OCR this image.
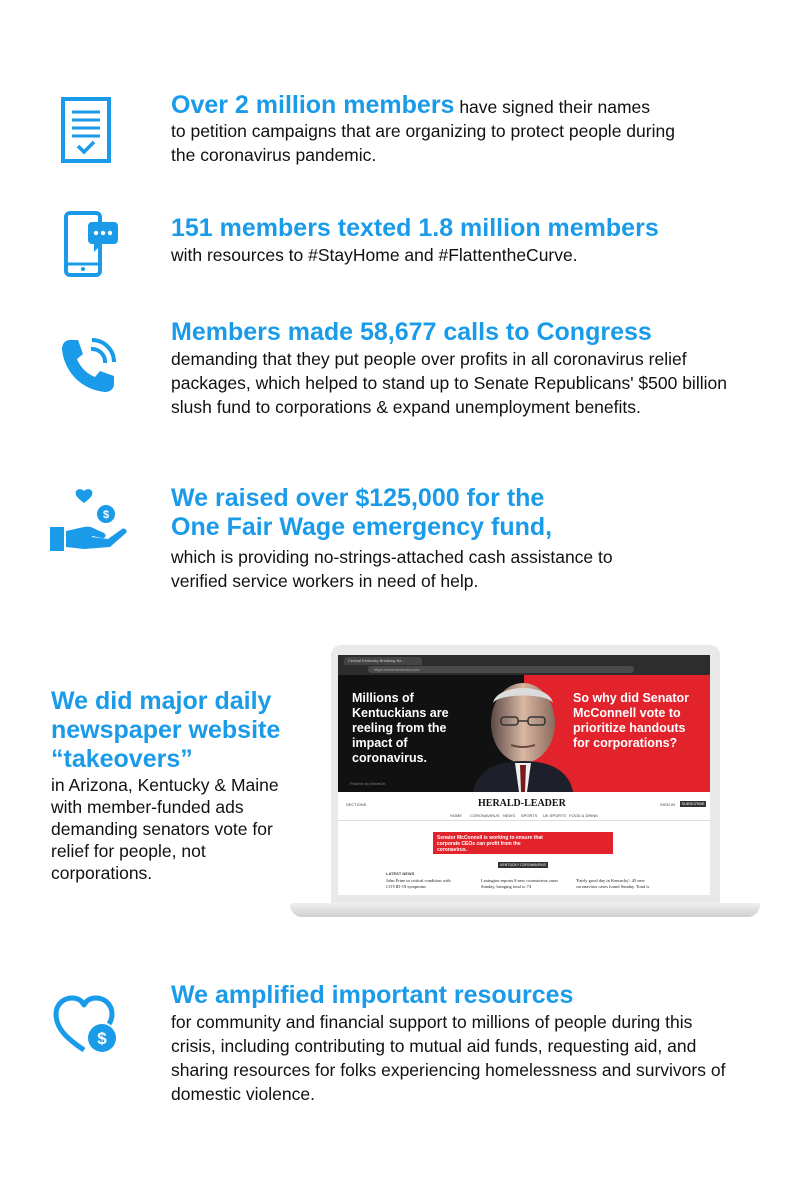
Over 2 million members have signed their names
to petition campaigns that are organizing to protect people during the coronavirus pandemic.
151 members texted 1.8 million members
with resources to #StayHome and #FlattentheCurve.
Members made 58,677 calls to Congress
demanding that they put people over profits in all coronavirus relief packages, which helped to stand up to Senate Republicans' $500 billion slush fund to corporations & expand unemployment benefits.
$
We raised over $125,000 for the
One Fair Wage emergency fund,
which is providing no-strings-attached cash assistance to verified service workers in need of help.
We did major daily newspaper website “takeovers”
in Arizona, Kentucky & Maine with member-funded ads demanding senators vote for relief for people, not corporations.
Central Kentucky Breaking Ne...
https://www.kentucky.com
Millions of Kentuckians are reeling from the impact of coronavirus.
So why did Senator McConnell vote to prioritize handouts for corporations?
Paid for by MoveOn
SECTIONS	HERALD-LEADER	SIGN IN	SUBSCRIBE
HOME CORONAVIRUS NEWS SPORTS UK SPORTS FOOD & DRINK
Senator McConnell is working to ensure that corporate CEOs can profit from the coronavirus.
KENTUCKY CORONAVIRUS
LATEST NEWS
John Prine in critical condition with COVID-19 symptoms
Lexington reports 8 new coronavirus cases Sunday, bringing total to 74
'Fairly good day in Kentucky': 45 new coronavirus cases found Sunday. Total is
$
We amplified important resources
for community and financial support to millions of people during this crisis, including contributing to mutual aid funds, requesting aid, and sharing resources for folks experiencing homelessness and survivors of domestic violence.
